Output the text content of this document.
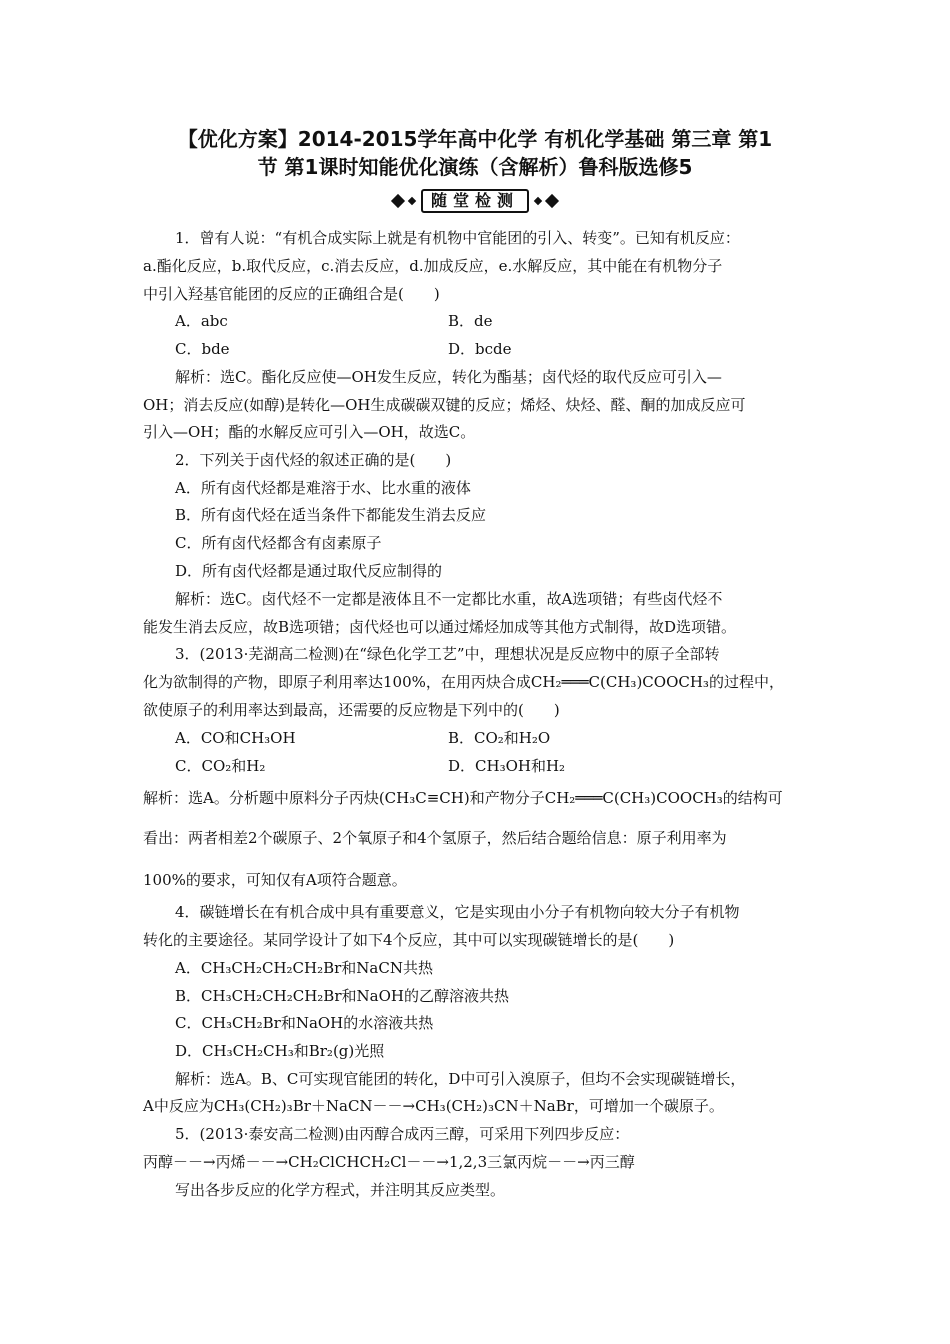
【优化方案】2014-2015学年高中化学 有机化学基础 第三章 第1
节 第1课时知能优化演练（含解析）鲁科版选修5
随堂检测
1．曾有人说：“有机合成实际上就是有机物中官能团的引入、转变”。已知有机反应：
a.酯化反应，b.取代反应，c.消去反应，d.加成反应，e.水解反应，其中能在有机物分子
中引入羟基官能团的反应的正确组合是(　　)
A．abc	B．de
C．bde	D．bcde
解析：选C。酯化反应使—OH发生反应，转化为酯基；卤代烃的取代反应可引入—
OH；消去反应(如醇)是转化—OH生成碳碳双键的反应；烯烃、炔烃、醛、酮的加成反应可
引入—OH；酯的水解反应可引入—OH，故选C。
2．下列关于卤代烃的叙述正确的是(　　)
A．所有卤代烃都是难溶于水、比水重的液体
B．所有卤代烃在适当条件下都能发生消去反应
C．所有卤代烃都含有卤素原子
D．所有卤代烃都是通过取代反应制得的
解析：选C。卤代烃不一定都是液体且不一定都比水重，故A选项错；有些卤代烃不
能发生消去反应，故B选项错；卤代烃也可以通过烯烃加成等其他方式制得，故D选项错。
3．(2013·芜湖高二检测)在“绿色化学工艺”中，理想状况是反应物中的原子全部转
化为欲制得的产物，即原子利用率达100%，在用丙炔合成CH₂═══C(CH₃)COOCH₃的过程中，
欲使原子的利用率达到最高，还需要的反应物是下列中的(　　)
A．CO和CH₃OH	B．CO₂和H₂O
C．CO₂和H₂	D．CH₃OH和H₂
解析：选A。分析题中原料分子丙炔(CH₃C≡CH)和产物分子CH₂═══C(CH₃)COOCH₃的结构可
看出：两者相差2个碳原子、2个氧原子和4个氢原子，然后结合题给信息：原子利用率为
100%的要求，可知仅有A项符合题意。
4．碳链增长在有机合成中具有重要意义，它是实现由小分子有机物向较大分子有机物
转化的主要途径。某同学设计了如下4个反应，其中可以实现碳链增长的是(　　)
A．CH₃CH₂CH₂CH₂Br和NaCN共热
B．CH₃CH₂CH₂CH₂Br和NaOH的乙醇溶液共热
C．CH₃CH₂Br和NaOH的水溶液共热
D．CH₃CH₂CH₃和Br₂(g)光照
解析：选A。B、C可实现官能团的转化，D中可引入溴原子，但均不会实现碳链增长，
A中反应为CH₃(CH₂)₃Br＋NaCN－－→CH₃(CH₂)₃CN＋NaBr，可增加一个碳原子。
5．(2013·泰安高二检测)由丙醇合成丙三醇，可采用下列四步反应：
丙醇－－→丙烯－－→CH₂ClCHCH₂Cl－－→1,2,3三氯丙烷－－→丙三醇
写出各步反应的化学方程式，并注明其反应类型。
